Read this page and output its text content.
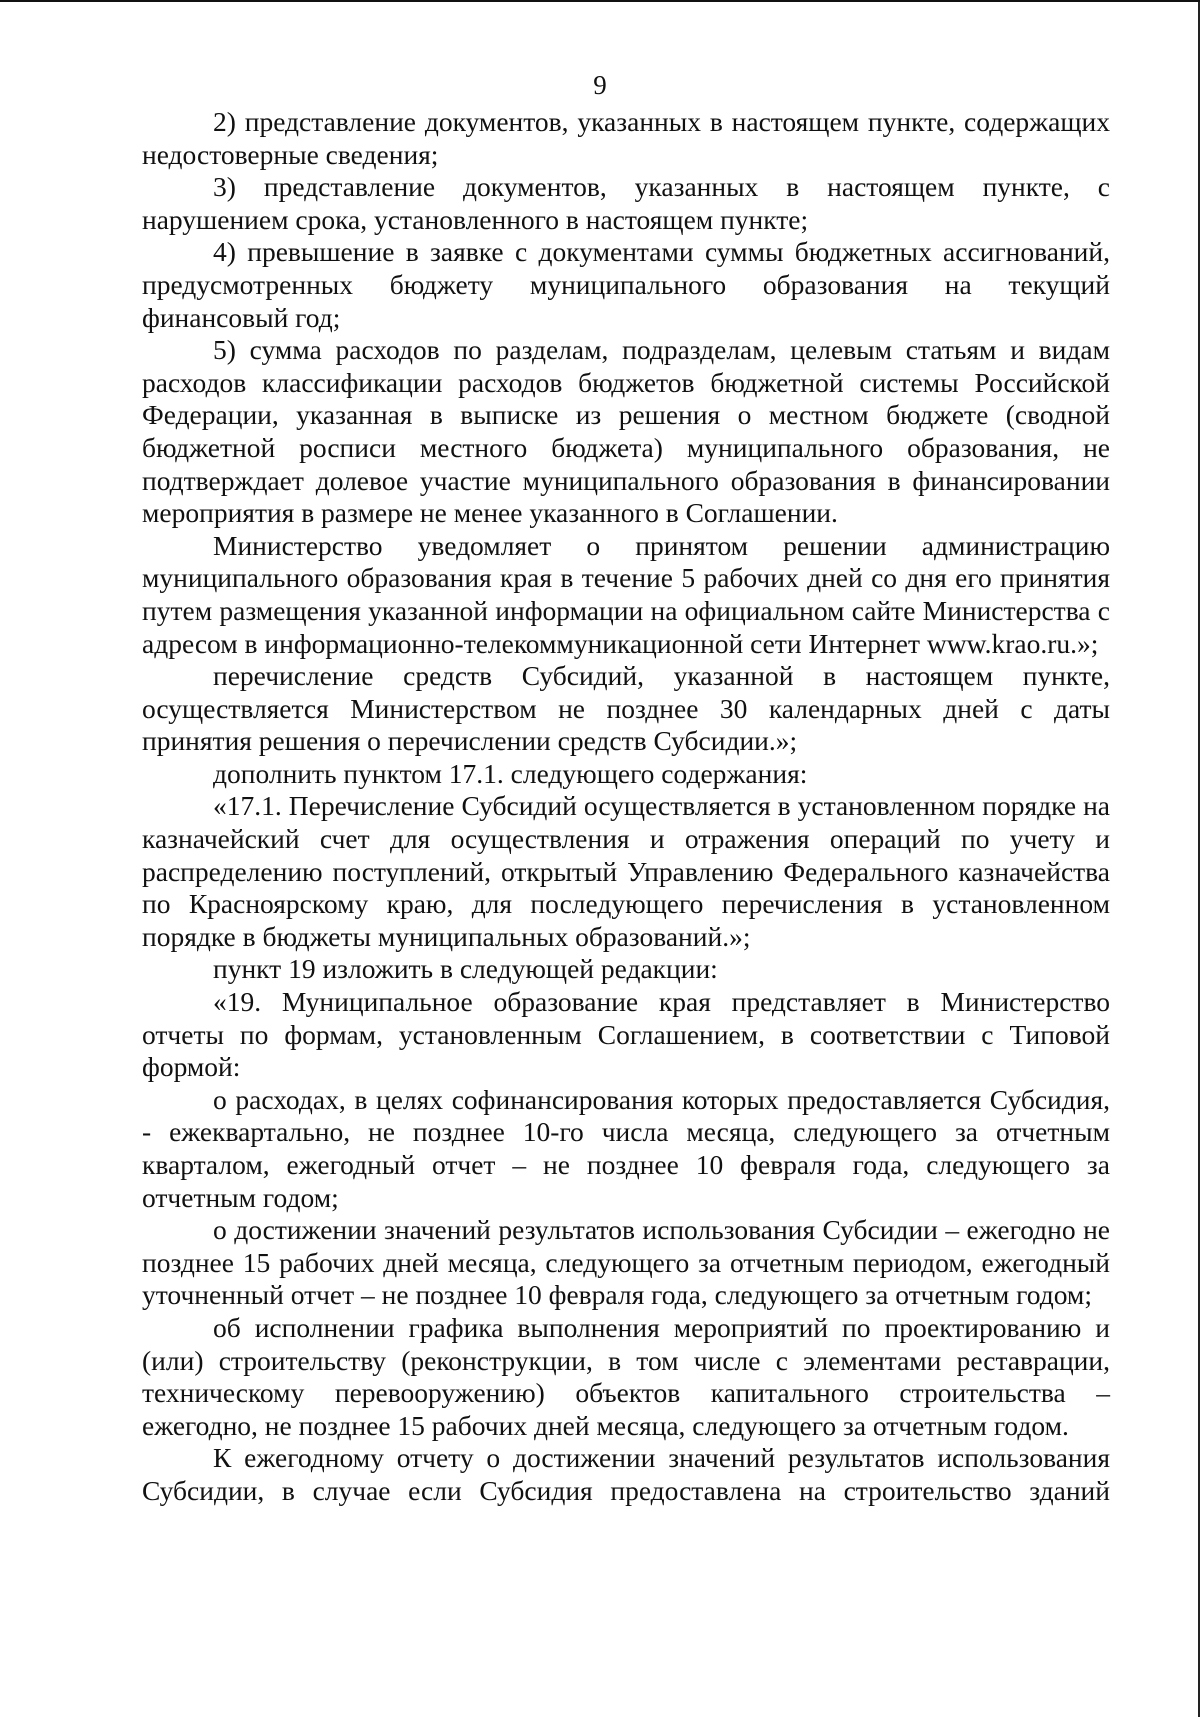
9

2) представление документов, указанных в настоящем пункте, содержащих недостоверные сведения;

3) представление документов, указанных в настоящем пункте, с нарушением срока, установленного в настоящем пункте;

4) превышение в заявке с документами суммы бюджетных ассигнований, предусмотренных бюджету муниципального образования на текущий финансовый год;

5) сумма расходов по разделам, подразделам, целевым статьям и видам расходов классификации расходов бюджетов бюджетной системы Российской Федерации, указанная в выписке из решения о местном бюджете (сводной бюджетной росписи местного бюджета) муниципального образования, не подтверждает долевое участие муниципального образования в финансировании мероприятия в размере не менее указанного в Соглашении.

Министерство уведомляет о принятом решении администрацию муниципального образования края в течение 5 рабочих дней со дня его принятия путем размещения указанной информации на официальном сайте Министерства с адресом в информационно-телекоммуникационной сети Интернет www.krao.ru.»;

перечисление средств Субсидий, указанной в настоящем пункте, осуществляется Министерством не позднее 30 календарных дней с даты принятия решения о перечислении средств Субсидии.»;

дополнить пунктом 17.1. следующего содержания:

«17.1. Перечисление Субсидий осуществляется в установленном порядке на казначейский счет для осуществления и отражения операций по учету и распределению поступлений, открытый Управлению Федерального казначейства по Красноярскому краю, для последующего перечисления в установленном порядке в бюджеты муниципальных образований.»;

пункт 19 изложить в следующей редакции:

«19. Муниципальное образование края представляет в Министерство отчеты по формам, установленным Соглашением, в соответствии с Типовой формой:

о расходах, в целях софинансирования которых предоставляется Субсидия, - ежеквартально, не позднее 10-го числа месяца, следующего за отчетным кварталом, ежегодный отчет – не позднее 10 февраля года, следующего за отчетным годом;

о достижении значений результатов использования Субсидии – ежегодно не позднее 15 рабочих дней месяца, следующего за отчетным периодом, ежегодный уточненный отчет – не позднее 10 февраля года, следующего за отчетным годом;

об исполнении графика выполнения мероприятий по проектированию и (или) строительству (реконструкции, в том числе с элементами реставрации, техническому перевооружению) объектов капитального строительства – ежегодно, не позднее 15 рабочих дней месяца, следующего за отчетным годом.

К ежегодному отчету о достижении значений результатов использования Субсидии, в случае если Субсидия предоставлена на строительство зданий
